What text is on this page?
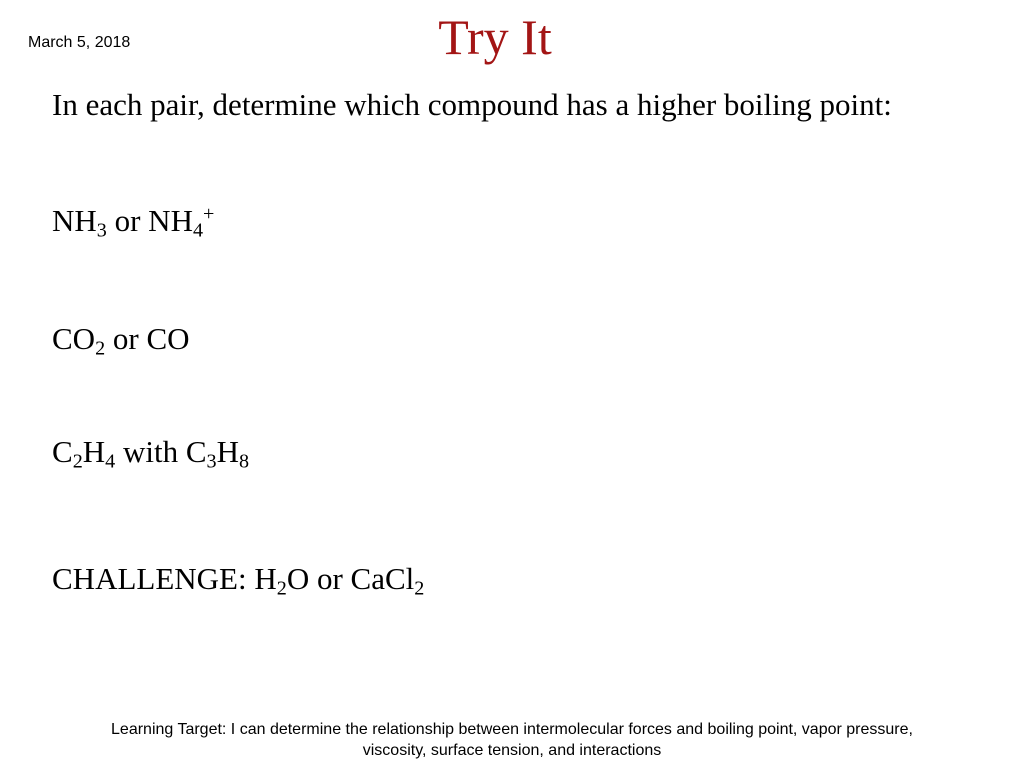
March 5, 2018	Try It
In each pair, determine which compound has a higher boiling point:
$NH_3$ or $NH_4^+$
$CO_2$ or CO
$C_2H_4$ with $C_3H_8$
CHALLENGE: $H_2O$ or CaCl$_2$
Learning Target: I can determine the relationship between intermolecular forces and boiling point, vapor pressure,
viscosity, surface tension, and interactions
